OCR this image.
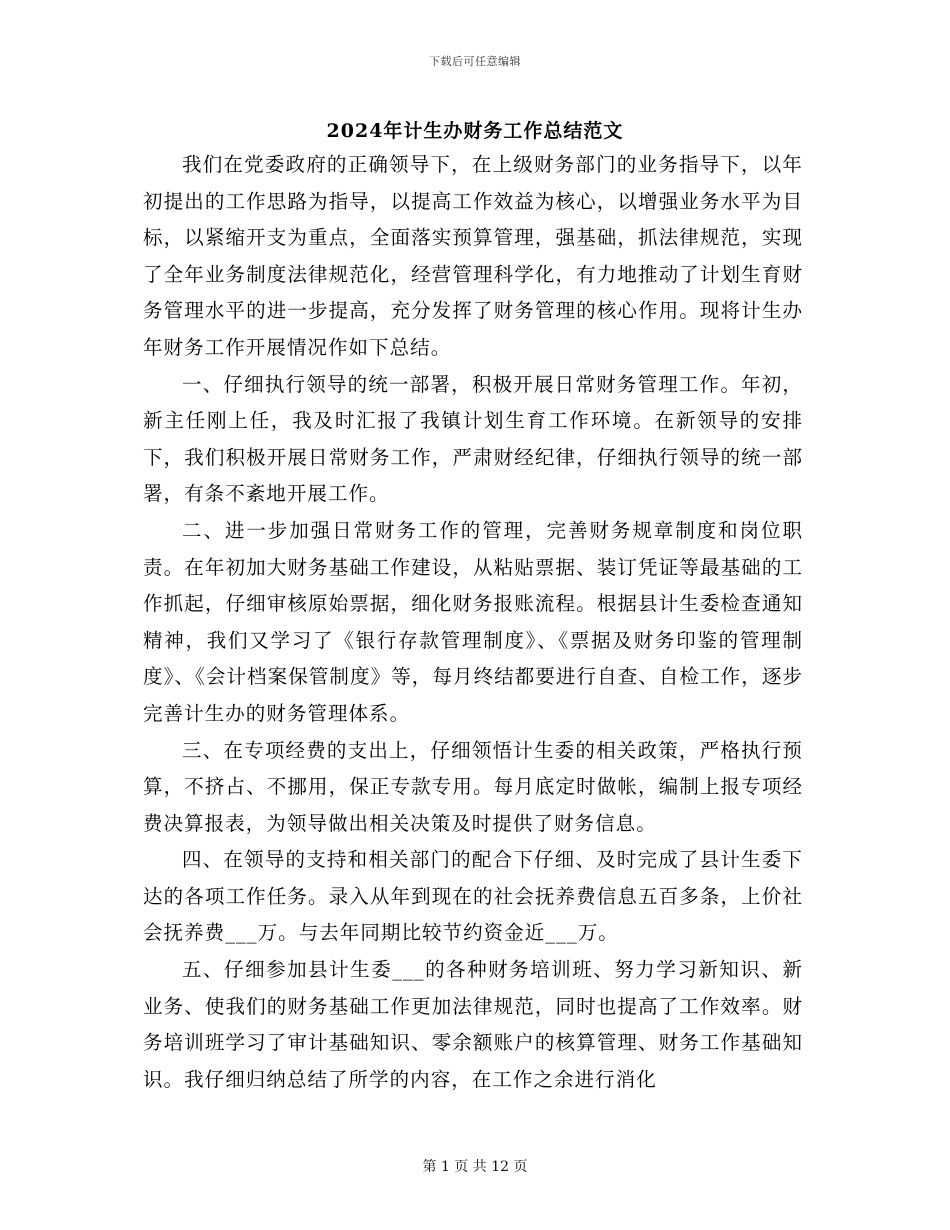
下载后可任意编辑
2024年计生办财务工作总结范文

我们在党委政府的正确领导下，在上级财务部门的业务指导下，以年初提出的工作思路为指导，以提高工作效益为核心，以增强业务水平为目标，以紧缩开支为重点，全面落实预算管理，强基础，抓法律规范，实现了全年业务制度法律规范化，经营管理科学化，有力地推动了计划生育财务管理水平的进一步提高，充分发挥了财务管理的核心作用。现将计生办年财务工作开展情况作如下总结。

一、仔细执行领导的统一部署，积极开展日常财务管理工作。年初，新主任刚上任，我及时汇报了我镇计划生育工作环境。在新领导的安排下，我们积极开展日常财务工作，严肃财经纪律，仔细执行领导的统一部署，有条不紊地开展工作。

二、进一步加强日常财务工作的管理，完善财务规章制度和岗位职责。在年初加大财务基础工作建设，从粘贴票据、装订凭证等最基础的工作抓起，仔细审核原始票据，细化财务报账流程。根据县计生委检查通知精神，我们又学习了《银行存款管理制度》、《票据及财务印鉴的管理制度》、《会计档案保管制度》等，每月终结都要进行自查、自检工作，逐步完善计生办的财务管理体系。

三、在专项经费的支出上，仔细领悟计生委的相关政策，严格执行预算，不挤占、不挪用，保正专款专用。每月底定时做帐，编制上报专项经费决算报表，为领导做出相关决策及时提供了财务信息。

四、在领导的支持和相关部门的配合下仔细、及时完成了县计生委下达的各项工作任务。录入从年到现在的社会抚养费信息五百多条，上价社会抚养费___万。与去年同期比较节约资金近___万。

五、仔细参加县计生委___的各种财务培训班、努力学习新知识、新业务、使我们的财务基础工作更加法律规范，同时也提高了工作效率。财务培训班学习了审计基础知识、零余额账户的核算管理、财务工作基础知识。我仔细归纳总结了所学的内容，在工作之余进行消化

第 1 页 共 12 页
